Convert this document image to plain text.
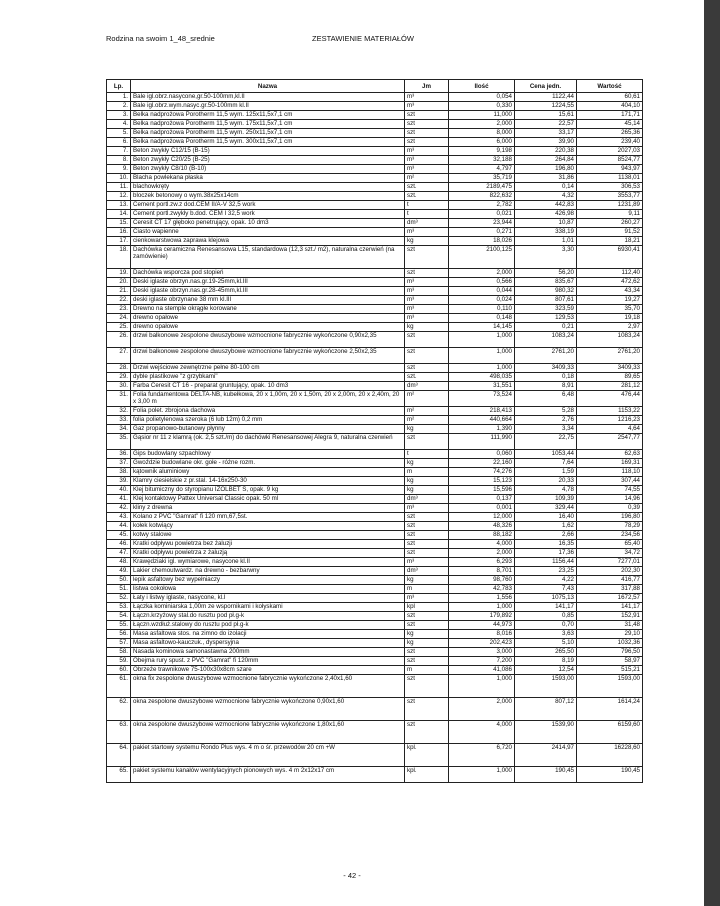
Rodzina na swoim 1_48_srednie	ZESTAWIENIE MATERIAŁÓW
Lp.	Nazwa	Jm	Ilość	Cena jedn.	Wartość
1.	Bale igl.obrz.nasycone,gr.50-100mm,kl.II	m³	0,054	1122,44	60,61
2.	Bale igl.obrz.wym.nasyc.gr.50-100mm kl.II	m³	0,330	1224,55	404,10
3.	Belka nadprożowa Porotherm 11,5 wym. 125x11,5x7,1 cm	szt	11,000	15,61	171,71
4.	Belka nadprożowa Porotherm 11,5 wym. 175x11,5x7,1 cm	szt	2,000	22,57	45,14
5.	Belka nadprożowa Porotherm 11,5 wym. 250x11,5x7,1 cm	szt	8,000	33,17	265,36
6.	Belka nadprożowa Porotherm 11,5 wym. 300x11,5x7,1 cm	szt	6,000	39,90	239,40
7.	Beton zwykły C12/15 (B-15)	m³	9,198	220,38	2027,03
8.	Beton zwykły C20/25 (B-25)	m³	32,188	264,84	8524,77
9.	Beton zwykły C8/10 (B-10)	m³	4,797	196,80	943,97
10.	Blacha powlekana płaska	m²	35,719	31,86	1138,01
11.	blachowkręty	szt.	2189,475	0,14	306,53
12.	bloczek betonowy o wym.38x25x14cm	szt.	822,632	4,32	3553,77
13.	Cement portl.zw.z dod.CEM II/A-V 32,5 work	t	2,782	442,83	1231,89
14.	Cement portl.zwykły b.dod. CEM I 32,5 work	t	0,021	426,98	9,11
15.	Ceresit CT 17 głęboko penetrujący, opak. 10 dm3	dm³	23,944	10,87	260,27
16.	Ciasto wapienne	m³	0,271	338,19	91,52
17.	cienkowarstwowa zaprawa klejowa	kg	18,026	1,01	18,21
18.	Dachówka ceramiczna Renesansowa L15, standardowa (12,3 szt./ m2), naturalna czerwień (na zamówienie)	szt	2100,125	3,30	6930,41
19.	Dachówka wsporcza pod stopień	szt	2,000	56,20	112,40
20.	Deski iglaste obrzyn.nas.gr.19-25mm,kl.III	m³	0,566	835,67	472,62
21.	Deski iglaste obrzyn.nas.gr.28-45mm,kl.III	m³	0,044	980,32	43,34
22.	deski iglaste obrzynane 38 mm kl.III	m³	0,024	807,61	19,27
23.	Drewno na stemple okrągłe korowane	m³	0,110	323,59	35,70
24.	drewno opałowe	m³	0,148	129,53	19,18
25.	drewno opałowe	kg	14,145	0,21	2,97
26.	drzwi balkonowe zespolone dwuszybowe wzmocnione fabrycznie wykończone 0,90x2,35	szt	1,000	1083,24	1083,24
27.	drzwi balkonowe zespolone dwuszybowe wzmocnione fabrycznie wykończone 2,50x2,35	szt	1,000	2761,20	2761,20
28.	Drzwi wejściowe zewnętrzne pełne 80-100 cm	szt	1,000	3409,33	3409,33
29.	dyble plastikowe "z grzybkami"	szt.	498,035	0,18	89,65
30.	Farba Ceresit CT 16 - preparat gruntujący, opak. 10 dm3	dm³	31,551	8,91	281,12
31.	Folia fundamentowa DELTA-NB, kubełkowa, 20 x 1,00m, 20 x 1,50m, 20 x 2,00m, 20 x 2,40m, 20 x 3,00 m	m²	73,524	6,48	476,44
32.	Folia polet. zbrojona dachowa	m²	218,413	5,28	1153,22
33.	folia polietylenowa szeroka (6 lub 12m) 0,2 mm	m²	440,664	2,76	1216,23
34.	Gaz propanowo-butanowy płynny	kg	1,390	3,34	4,64
35.	Gąsior nr 11 z klamrą (ok. 2,5 szt./m) do dachówki Renesansowej Alegra 9, naturalna czerwień	szt	111,990	22,75	2547,77
36.	Gips budowlany szpachlowy	t	0,060	1053,44	62,63
37.	Gwoździe budowlane okr. gołe - różne rozm.	kg	22,160	7,64	169,31
38.	kątownik aluminiowy	m	74,276	1,59	118,10
39.	Klamry ciesielskie z pr.stal. 14-16x250-30	kg	15,123	20,33	307,44
40.	Klej bitumiczny do styropianu IZOLBET S, opak. 9 kg	kg	15,596	4,78	74,55
41.	Klej kontaktowy Pattex Universal Classic opak. 50 ml	dm³	0,137	109,39	14,96
42.	kliny z drewna	m³	0,001	329,44	0,39
43.	Kolano z PVC "Gamrat" fi 120 mm,67,5st.	szt	12,000	16,40	196,80
44.	kołek kotwiący	szt	48,326	1,62	78,29
45.	kotwy stalowe	szt	88,182	2,66	234,56
46.	Kratki odpływu powietrza bez żaluzji	szt	4,000	16,35	65,40
47.	Kratki odpływu powietrza z żaluzją	szt	2,000	17,36	34,72
48.	Krawędziaki igl. wymiarowe, nasycone kl.II	m³	6,293	1156,44	7277,01
49.	Lakier chemoutwardz. na drewno - bezbarwny	dm³	8,701	23,25	202,30
50.	lepik asfaltowy bez wypełniaczy	kg	98,760	4,22	416,77
51.	listwa cokołowa	m	42,783	7,43	317,88
52.	Łaty i listwy iglaste, nasycone, kl.I	m³	1,556	1075,13	1672,57
53.	Łączka kominiarska 1,00m ze wspornikami i kołyskami	kpl	1,000	141,17	141,17
54.	Łączn.krzyżowy stal.do rusztu pod pł.g-k	szt	179,892	0,85	152,91
55.	Łączn.wzdłuż.stalowy do rusztu pod pł.g-k	szt	44,973	0,70	31,48
56.	Masa asfaltowa stos. na zimno do izolacji	kg	8,016	3,63	29,10
57.	Masa asfaltowo-kauczuk., dyspersyjna	kg	202,423	5,10	1032,36
58.	Nasada kominowa samonastawna 200mm	szt	3,000	265,50	796,50
59.	Obejma rury spust. z PVC "Gamrat" fi 120mm	szt	7,200	8,19	58,97
60.	Obrzeże trawnikowe 75-100x30x8cm szare	m	41,086	12,54	515,21
61.	okna fix zespolone dwuszybowe wzmocnione fabrycznie wykończone 2,40x1,60	szt	1,000	1593,00	1593,00
62.	okna zespolone dwuszybowe wzmocnione fabrycznie wykończone 0,90x1,60	szt	2,000	807,12	1614,24
63.	okna zespolone dwuszybowe wzmocnione fabrycznie wykończone 1,80x1,60	szt	4,000	1539,90	6159,60
64.	pakiet startowy systemu Rondo Plus wys. 4 m o śr. przewodów 20 cm +W	kpl.	6,720	2414,97	16228,60
65.	pakiet systemu kanałów wentylacyjnych pionowych wys. 4 m 2x12x17 cm	kpl.	1,000	190,45	190,45
- 42 -
